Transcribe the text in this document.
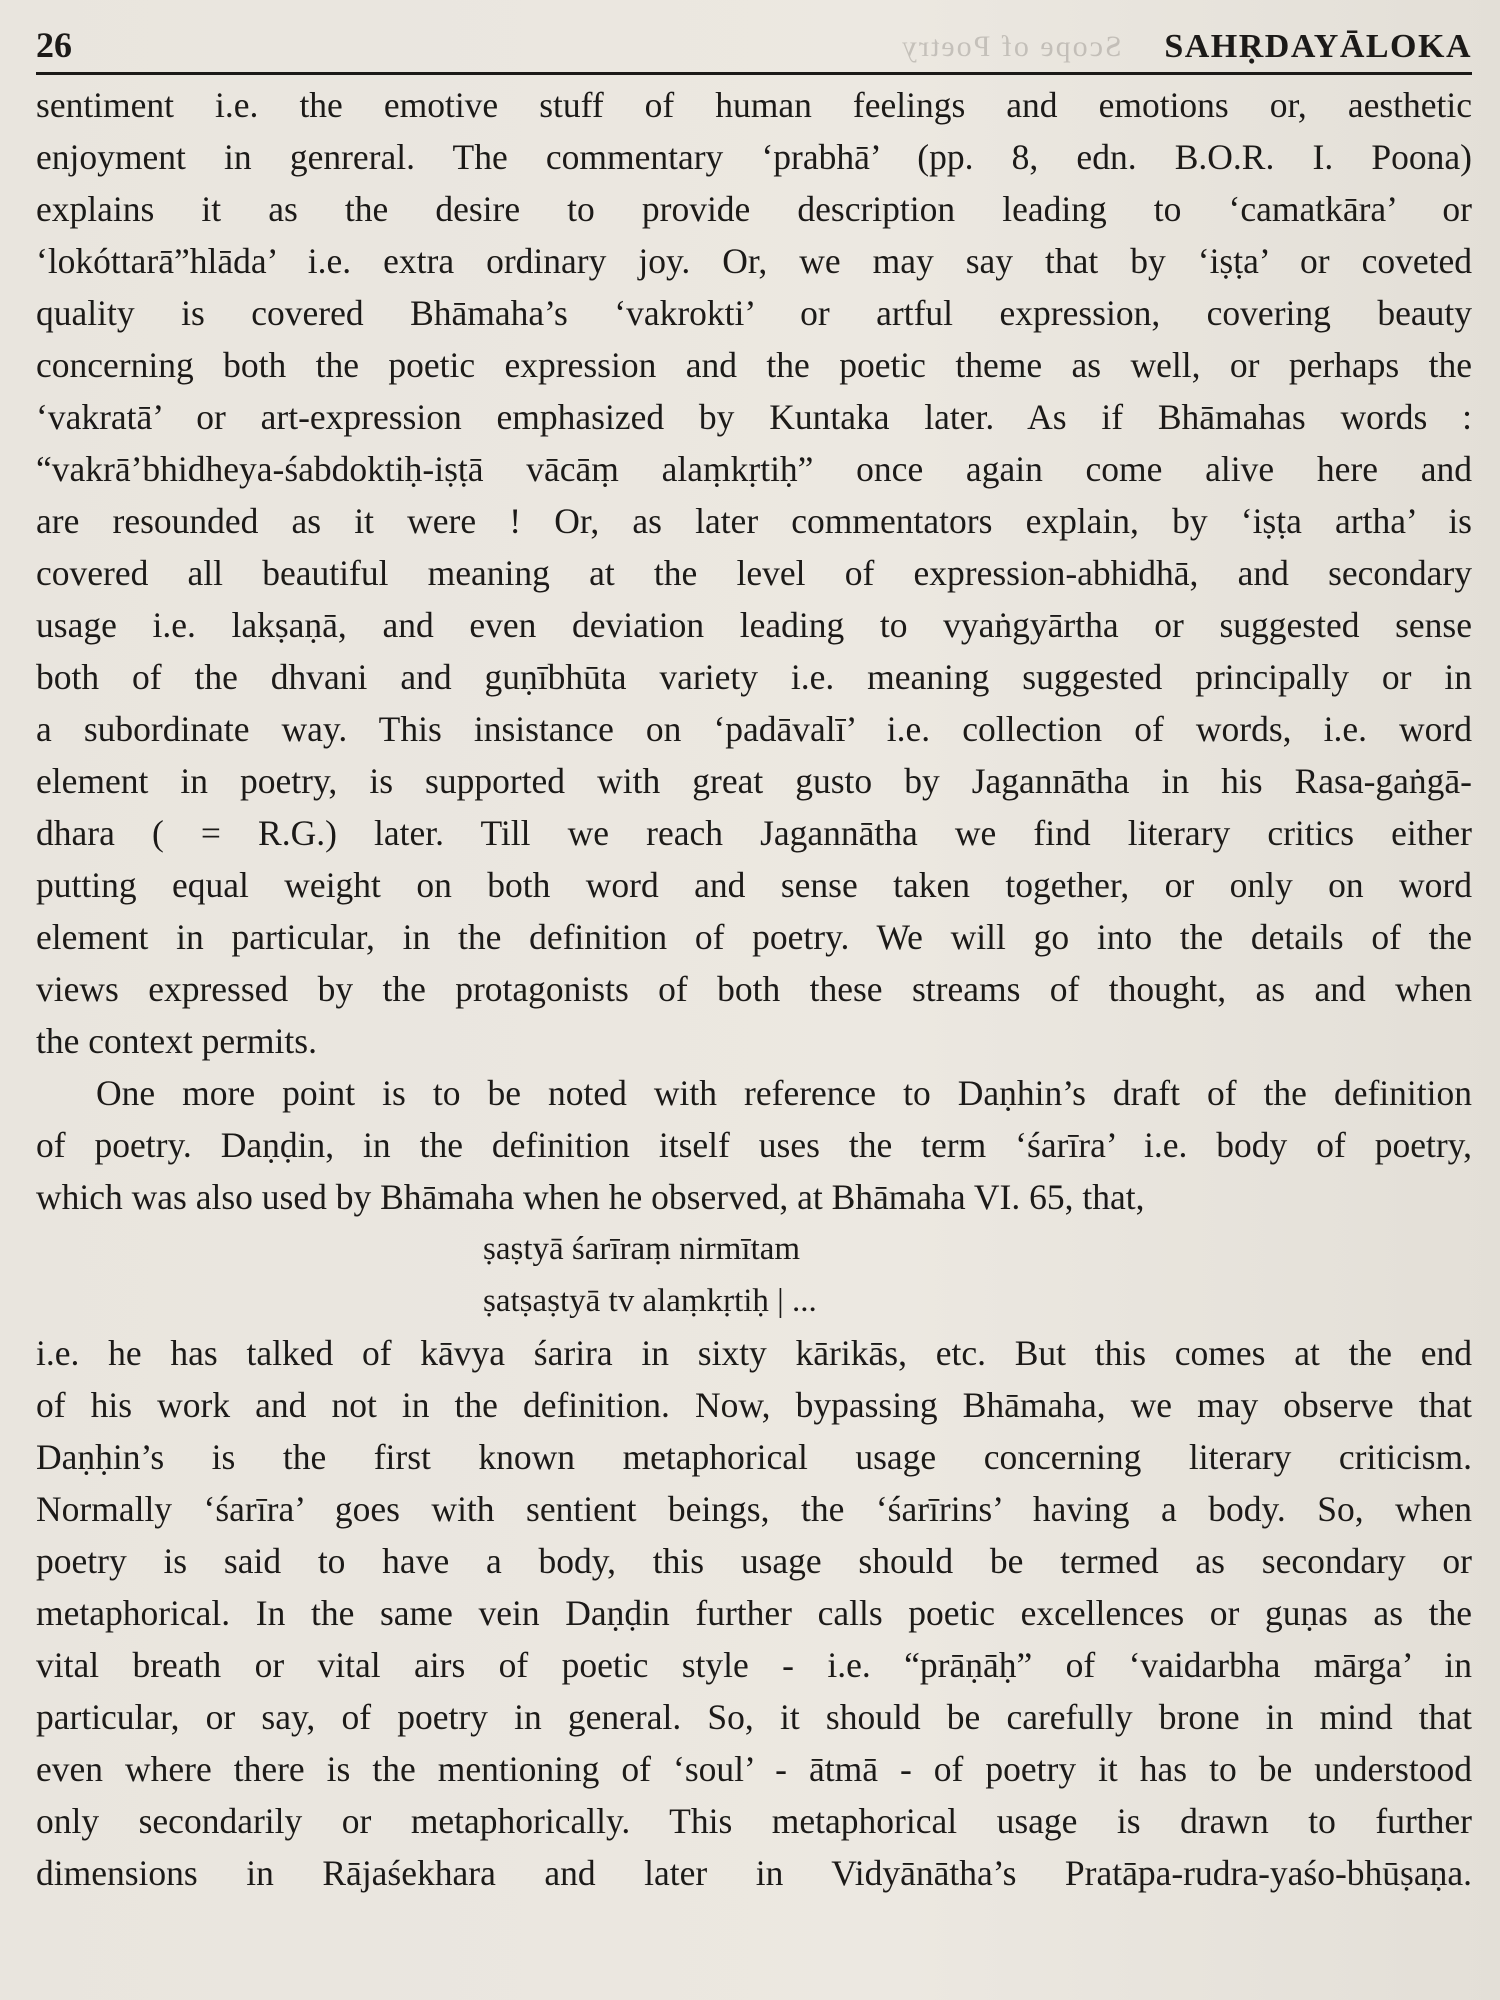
Scope of Poetry
26	SAHṚDAYĀLOKA
sentiment i.e. the emotive stuff of human feelings and emotions or, aesthetic
enjoyment in genreral. The commentary ‘prabhā’ (pp. 8, edn. B.O.R. I. Poona)
explains it as the desire to provide description leading to ‘camatkāra’ or
‘lokóttarā”hlāda’ i.e. extra ordinary joy. Or, we may say that by ‘iṣṭa’ or coveted
quality is covered Bhāmaha’s ‘vakrokti’ or artful expression, covering beauty
concerning both the poetic expression and the poetic theme as well, or perhaps the
‘vakratā’ or art-expression emphasized by Kuntaka later. As if Bhāmahas words :
“vakrā’bhidheya-śabdoktiḥ-iṣṭā vācāṃ alaṃkṛtiḥ” once again come alive here and
are resounded as it were ! Or, as later commentators explain, by ‘iṣṭa artha’ is
covered all beautiful meaning at the level of expression-abhidhā, and secondary
usage i.e. lakṣaṇā, and even deviation leading to vyaṅgyārtha or suggested sense
both of the dhvani and guṇībhūta variety i.e. meaning suggested principally or in
a subordinate way. This insistance on ‘padāvalī’ i.e. collection of words, i.e. word
element in poetry, is supported with great gusto by Jagannātha in his Rasa-gaṅgā-
dhara ( = R.G.) later. Till we reach Jagannātha we find literary critics either
putting equal weight on both word and sense taken together, or only on word
element in particular, in the definition of poetry. We will go into the details of the
views expressed by the protagonists of both these streams of thought, as and when
the context permits.
One more point is to be noted with reference to Daṇhin’s draft of the definition
of poetry. Daṇḍin, in the definition itself uses the term ‘śarīra’ i.e. body of poetry,
which was also used by Bhāmaha when he observed, at Bhāmaha VI. 65, that,
ṣaṣtyā śarīraṃ nirmītam
ṣatṣaṣtyā tv alaṃkṛtiḥ | ...
i.e. he has talked of kāvya śarira in sixty kārikās, etc. But this comes at the end
of his work and not in the definition. Now, bypassing Bhāmaha, we may observe that
Daṇḥin’s is the first known metaphorical usage concerning literary criticism.
Normally ‘śarīra’ goes with sentient beings, the ‘śarīrins’ having a body. So, when
poetry is said to have a body, this usage should be termed as secondary or
metaphorical. In the same vein Daṇḍin further calls poetic excellences or guṇas as the
vital breath or vital airs of poetic style - i.e. “prāṇāḥ” of ‘vaidarbha mārga’ in
particular, or say, of poetry in general. So, it should be carefully brone in mind that
even where there is the mentioning of ‘soul’ - ātmā - of poetry it has to be understood
only secondarily or metaphorically. This metaphorical usage is drawn to further
dimensions in Rājaśekhara and later in Vidyānātha’s Pratāpa-rudra-yaśo-bhūṣaṇa.
